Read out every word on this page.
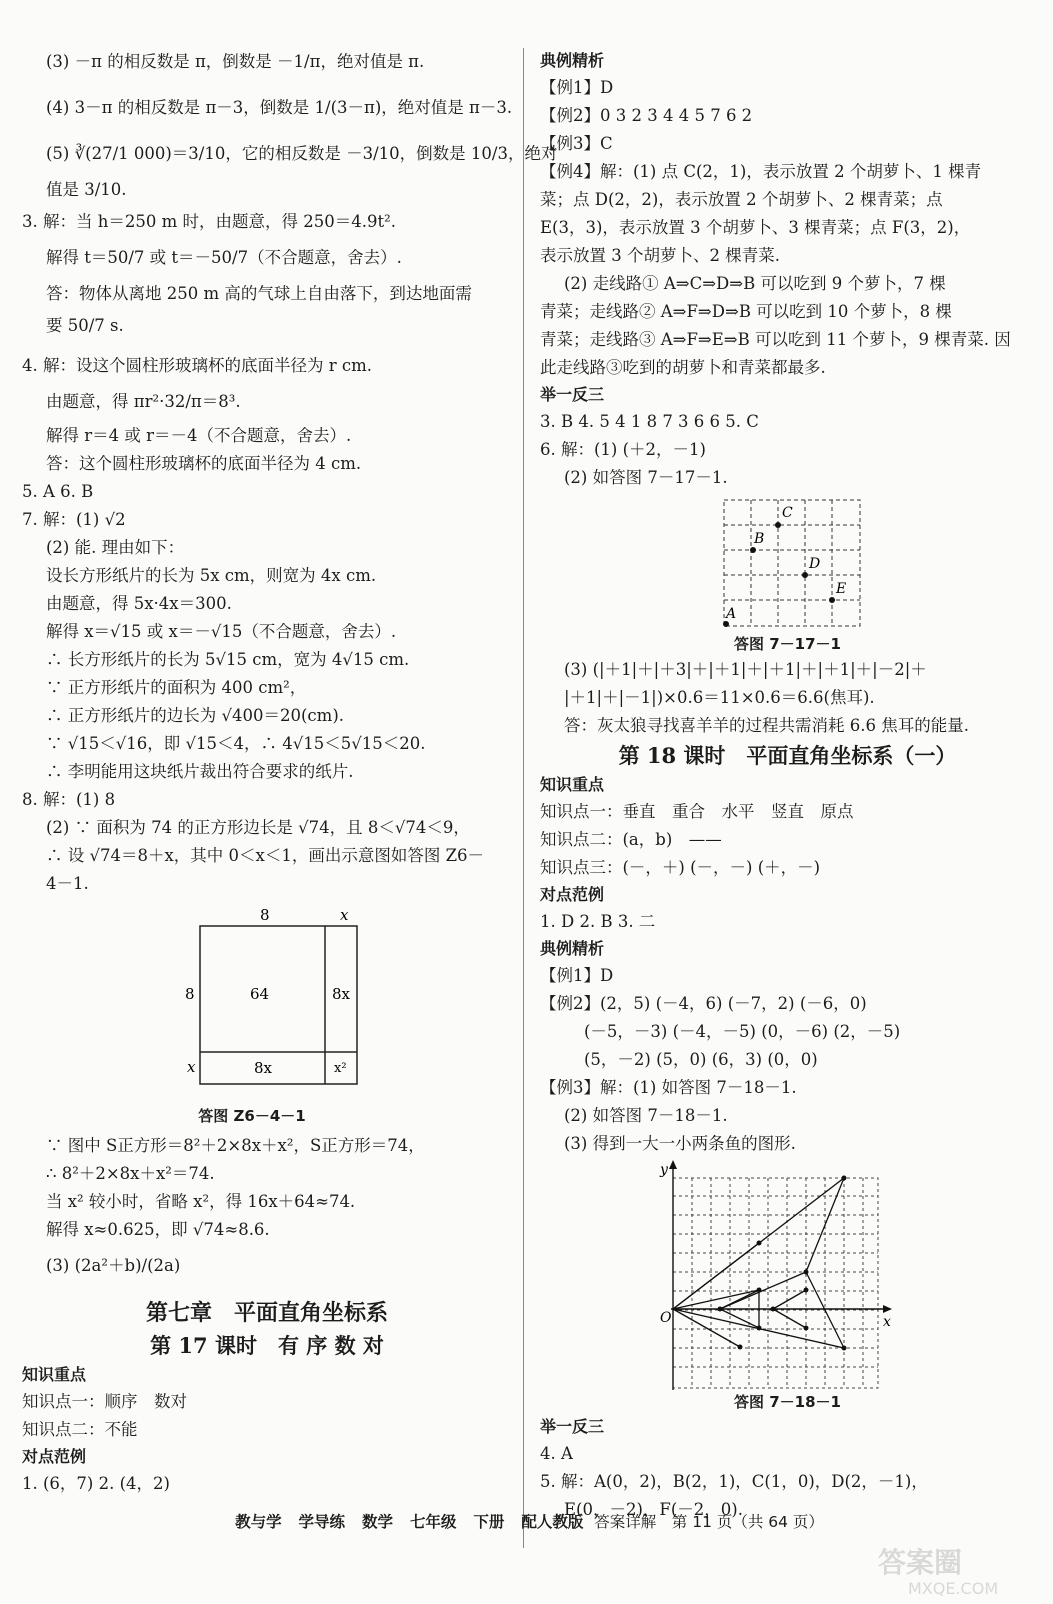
(3) －π 的相反数是 π，倒数是 －1/π，绝对值是 π.
(4) 3－π 的相反数是 π－3，倒数是 1/(3－π)，绝对值是 π－3.
(5) ∛(27/1 000)＝3/10，它的相反数是 －3/10，倒数是 10/3，绝对
值是 3/10.
3. 解：当 h＝250 m 时，由题意，得 250＝4.9t².
解得 t＝50/7 或 t＝－50/7（不合题意，舍去）.
答：物体从离地 250 m 高的气球上自由落下，到达地面需
要 50/7 s.
4. 解：设这个圆柱形玻璃杯的底面半径为 r cm.
由题意，得 πr²·32/π＝8³.
解得 r＝4 或 r＝－4（不合题意，舍去）.
答：这个圆柱形玻璃杯的底面半径为 4 cm.
5. A 6. B
7. 解：(1) √2
(2) 能. 理由如下：
设长方形纸片的长为 5x cm，则宽为 4x cm.
由题意，得 5x·4x＝300.
解得 x＝√15 或 x＝－√15（不合题意，舍去）.
∴ 长方形纸片的长为 5√15 cm，宽为 4√15 cm.
∵ 正方形纸片的面积为 400 cm²，
∴ 正方形纸片的边长为 √400＝20(cm).
∵ √15＜√16，即 √15＜4，∴ 4√15＜5√15＜20.
∴ 李明能用这块纸片裁出符合要求的纸片.
8. 解：(1) 8
(2) ∵ 面积为 74 的正方形边长是 √74，且 8＜√74＜9，
∴ 设 √74＝8＋x，其中 0＜x＜1，画出示意图如答图 Z6－
4－1.
8	x
8
x
64	8x
8x	x²
答图 Z6－4－1
∵ 图中 S正方形＝8²＋2×8x＋x²，S正方形＝74，
∴ 8²＋2×8x＋x²＝74.
当 x² 较小时，省略 x²，得 16x＋64≈74.
解得 x≈0.625，即 √74≈8.6.
(3) (2a²＋b)/(2a)
第七章　平面直角坐标系
第 17 课时　有 序 数 对
知识重点
知识点一：顺序　数对
知识点二：不能
对点范例
1. (6，7) 2. (4，2)
典例精析
【例1】D
【例2】0 3 2 3 4 4 5 7 6 2
【例3】C
【例4】解：(1) 点 C(2，1)，表示放置 2 个胡萝卜、1 棵青
菜；点 D(2，2)，表示放置 2 个胡萝卜、2 棵青菜；点
E(3，3)，表示放置 3 个胡萝卜、3 棵青菜；点 F(3，2)，
表示放置 3 个胡萝卜、2 棵青菜.
(2) 走线路① A⇒C⇒D⇒B 可以吃到 9 个萝卜，7 棵
青菜；走线路② A⇒F⇒D⇒B 可以吃到 10 个萝卜，8 棵
青菜；走线路③ A⇒F⇒E⇒B 可以吃到 11 个萝卜，9 棵青菜. 因
此走线路③吃到的胡萝卜和青菜都最多.
举一反三
3. B 4. 5 4 1 8 7 3 6 6 5. C
6. 解：(1) (＋2，－1)
(2) 如答图 7－17－1.
A
B
C
D
E
答图 7－17－1
(3) (|＋1|＋|＋3|＋|＋1|＋|＋1|＋|＋1|＋|－2|＋
|＋1|＋|－1|)×0.6＝11×0.6＝6.6(焦耳).
答：灰太狼寻找喜羊羊的过程共需消耗 6.6 焦耳的能量.
第 18 课时　平面直角坐标系（一）
知识重点
知识点一：垂直　重合　水平　竖直　原点
知识点二：(a，b)　——
知识点三：(－，＋) (－，－) (＋，－)
对点范例
1. D 2. B 3. 二
典例精析
【例1】D
【例2】(2，5) (－4，6) (－7，2) (－6，0)
(－5，－3) (－4，－5) (0，－6) (2，－5)
(5，－2) (5，0) (6，3) (0，0)
【例3】解：(1) 如答图 7－18－1.
(2) 如答图 7－18－1.
(3) 得到一大一小两条鱼的图形.
y
x
O
答图 7－18－1
举一反三
4. A
5. 解：A(0，2)，B(2，1)，C(1，0)，D(2，－1)，
E(0，－2)，F(－2，0).
教与学 学导练 数学 七年级 下册 配人教版 答案详解　第 11 页（共 64 页）
答案圈
MXQE.COM
